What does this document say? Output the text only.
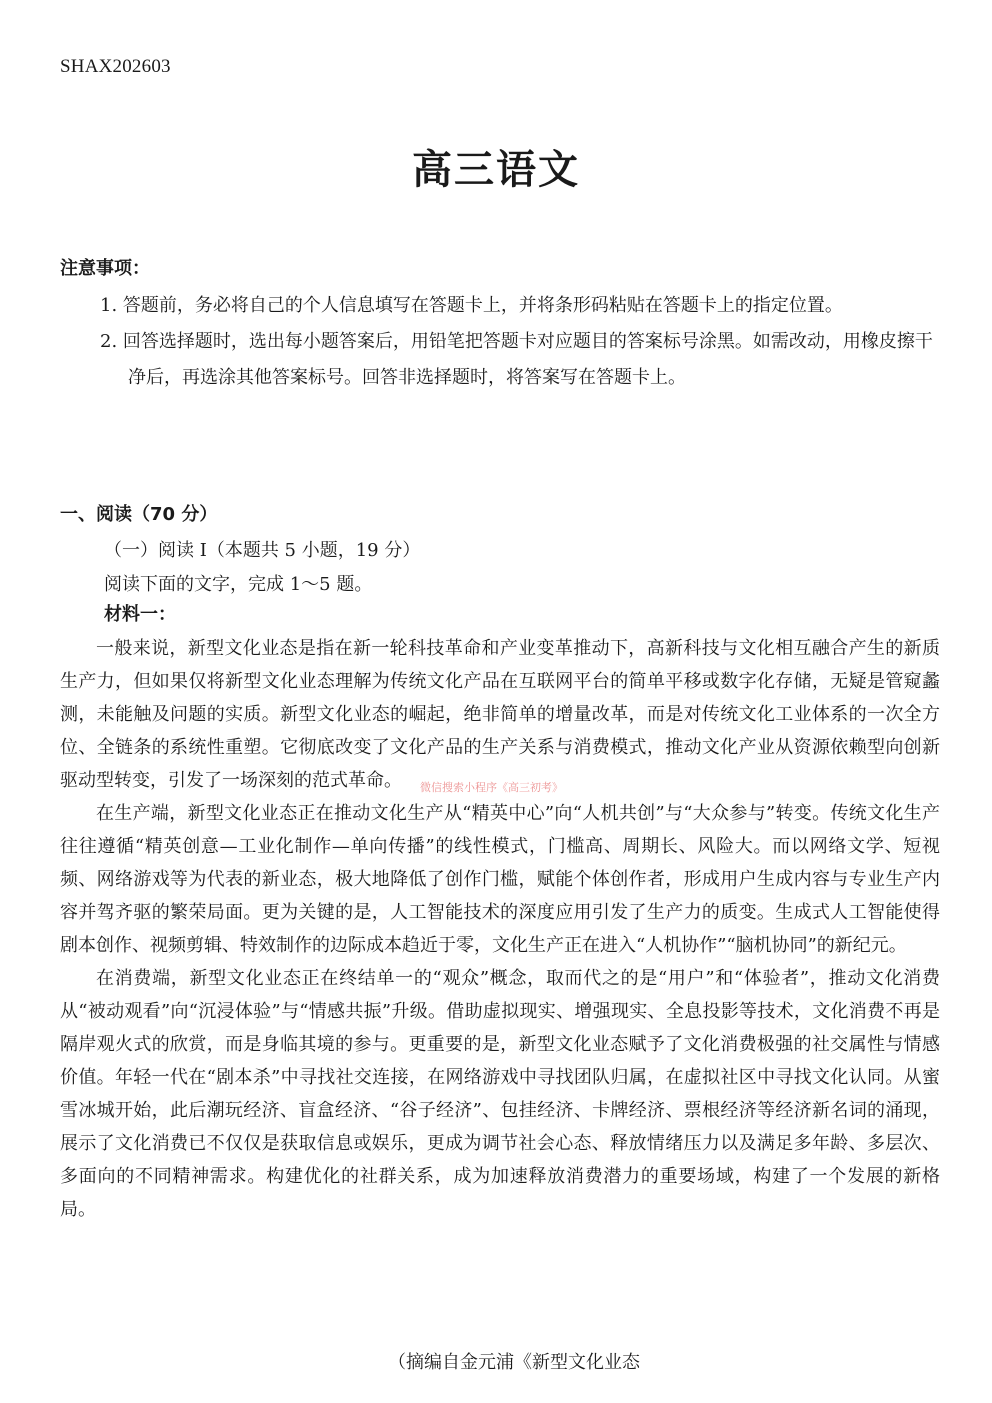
SHAX202603
高三语文
注意事项：
1. 答题前，务必将自己的个人信息填写在答题卡上，并将条形码粘贴在答题卡上的指定位置。
2. 回答选择题时，选出每小题答案后，用铅笔把答题卡对应题目的答案标号涂黑。如需改动，用橡皮擦干净后，再选涂其他答案标号。回答非选择题时，将答案写在答题卡上。
一、阅读（70 分）
（一）阅读 I（本题共 5 小题，19 分）
阅读下面的文字，完成 1～5 题。
材料一：

一般来说，新型文化业态是指在新一轮科技革命和产业变革推动下，高新科技与文化相互融合产生的新质生产力，但如果仅将新型文化业态理解为传统文化产品在互联网平台的简单平移或数字化存储，无疑是管窥蠡测，未能触及问题的实质。新型文化业态的崛起，绝非简单的增量改革，而是对传统文化工业体系的一次全方位、全链条的系统性重塑。它彻底改变了文化产品的生产关系与消费模式，推动文化产业从资源依赖型向创新驱动型转变，引发了一场深刻的范式革命。

在生产端，新型文化业态正在推动文化生产从“精英中心”向“人机共创”与“大众参与”转变。传统文化生产往往遵循“精英创意—工业化制作—单向传播”的线性模式，门槛高、周期长、风险大。而以网络文学、短视频、网络游戏等为代表的新业态，极大地降低了创作门槛，赋能个体创作者，形成用户生成内容与专业生产内容并驾齐驱的繁荣局面。更为关键的是，人工智能技术的深度应用引发了生产力的质变。生成式人工智能使得剧本创作、视频剪辑、特效制作的边际成本趋近于零，文化生产正在进入“人机协作”“脑机协同”的新纪元。

在消费端，新型文化业态正在终结单一的“观众”概念，取而代之的是“用户”和“体验者”，推动文化消费从“被动观看”向“沉浸体验”与“情感共振”升级。借助虚拟现实、增强现实、全息投影等技术，文化消费不再是隔岸观火式的欣赏，而是身临其境的参与。更重要的是，新型文化业态赋予了文化消费极强的社交属性与情感价值。年轻一代在“剧本杀”中寻找社交连接，在网络游戏中寻找团队归属，在虚拟社区中寻找文化认同。从蜜雪冰城开始，此后潮玩经济、盲盒经济、“谷子经济”、包挂经济、卡牌经济、票根经济等经济新名词的涌现，展示了文化消费已不仅仅是获取信息或娱乐，更成为调节社会心态、释放情绪压力以及满足多年龄、多层次、多面向的不同精神需求。构建优化的社群关系，成为加速释放消费潜力的重要场域，构建了一个发展的新格局。

微信搜索小程序《高三初考》
（摘编自金元浦《新型文化业态
